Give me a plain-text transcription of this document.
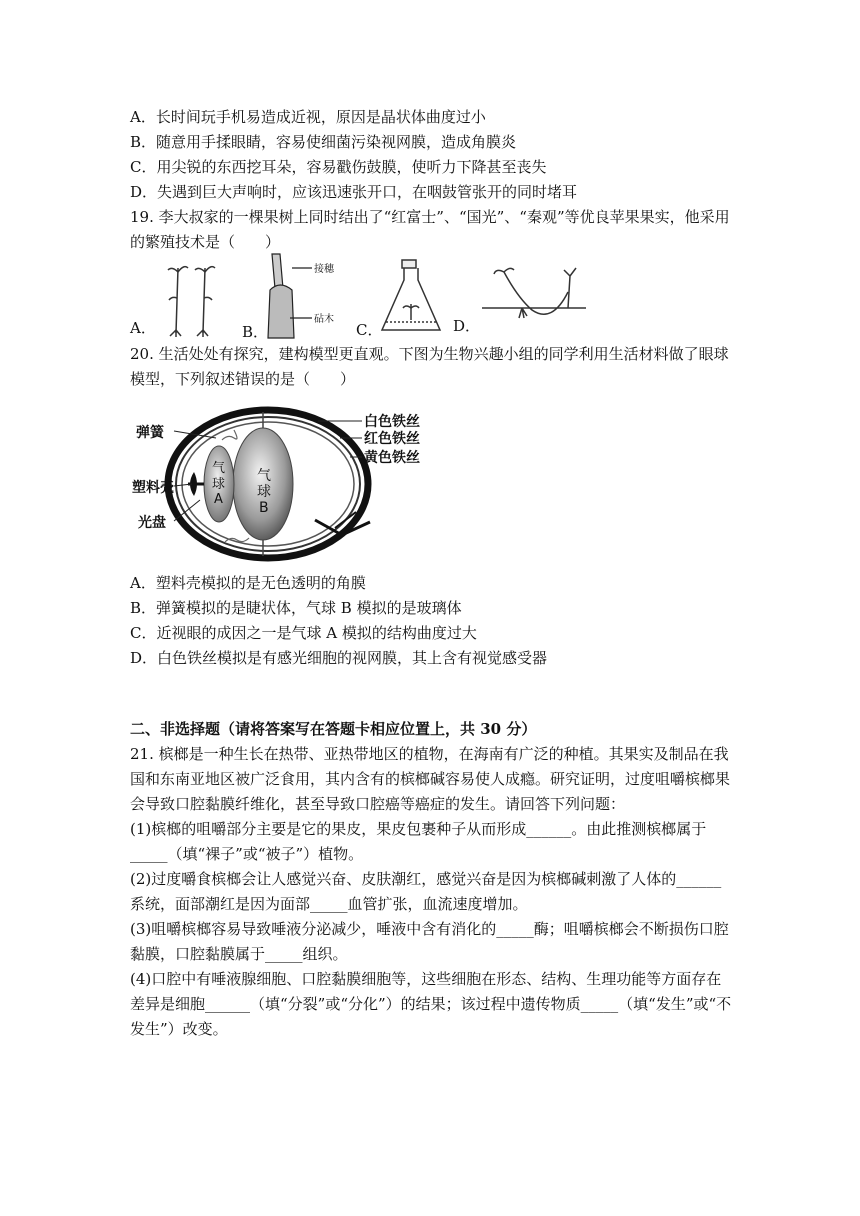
A．长时间玩手机易造成近视，原因是晶状体曲度过小
B．随意用手揉眼睛，容易使细菌污染视网膜，造成角膜炎
C．用尖锐的东西挖耳朵，容易戳伤鼓膜，使听力下降甚至丧失
D．失遇到巨大声响时，应该迅速张开口，在咽鼓管张开的同时堵耳
19. 李大叔家的一棵果树上同时结出了“红富士”、“国光”、“秦观”等优良苹果果实，他采用
的繁殖技术是（　　）
A．	B．
接穗
砧木
C．	D．
20. 生活处处有探究，建构模型更直观。下图为生物兴趣小组的同学利用生活材料做了眼球
模型，下列叙述错误的是（　　）
弹簧
塑料壳
光盘
白色铁丝
红色铁丝
黄色铁丝
气
球
A
气
球
B
A．塑料壳模拟的是无色透明的角膜
B．弹簧模拟的是睫状体，气球 B 模拟的是玻璃体
C．近视眼的成因之一是气球 A 模拟的结构曲度过大
D．白色铁丝模拟是有感光细胞的视网膜，其上含有视觉感受器
二、非选择题（请将答案写在答题卡相应位置上，共 30 分）
21. 槟榔是一种生长在热带、亚热带地区的植物，在海南有广泛的种植。其果实及制品在我
国和东南亚地区被广泛食用，其内含有的槟榔碱容易使人成瘾。研究证明，过度咀嚼槟榔果
会导致口腔黏膜纤维化，甚至导致口腔癌等癌症的发生。请回答下列问题：
(1)槟榔的咀嚼部分主要是它的果皮，果皮包裹种子从而形成______。由此推测槟榔属于
_____（填“裸子”或“被子”）植物。
(2)过度嚼食槟榔会让人感觉兴奋、皮肤潮红，感觉兴奋是因为槟榔碱刺激了人体的______
系统，面部潮红是因为面部_____血管扩张，血流速度增加。
(3)咀嚼槟榔容易导致唾液分泌减少，唾液中含有消化的_____酶；咀嚼槟榔会不断损伤口腔
黏膜，口腔黏膜属于_____组织。
(4)口腔中有唾液腺细胞、口腔黏膜细胞等，这些细胞在形态、结构、生理功能等方面存在
差异是细胞______（填“分裂”或“分化”）的结果；该过程中遗传物质_____（填“发生”或“不
发生”）改变。
